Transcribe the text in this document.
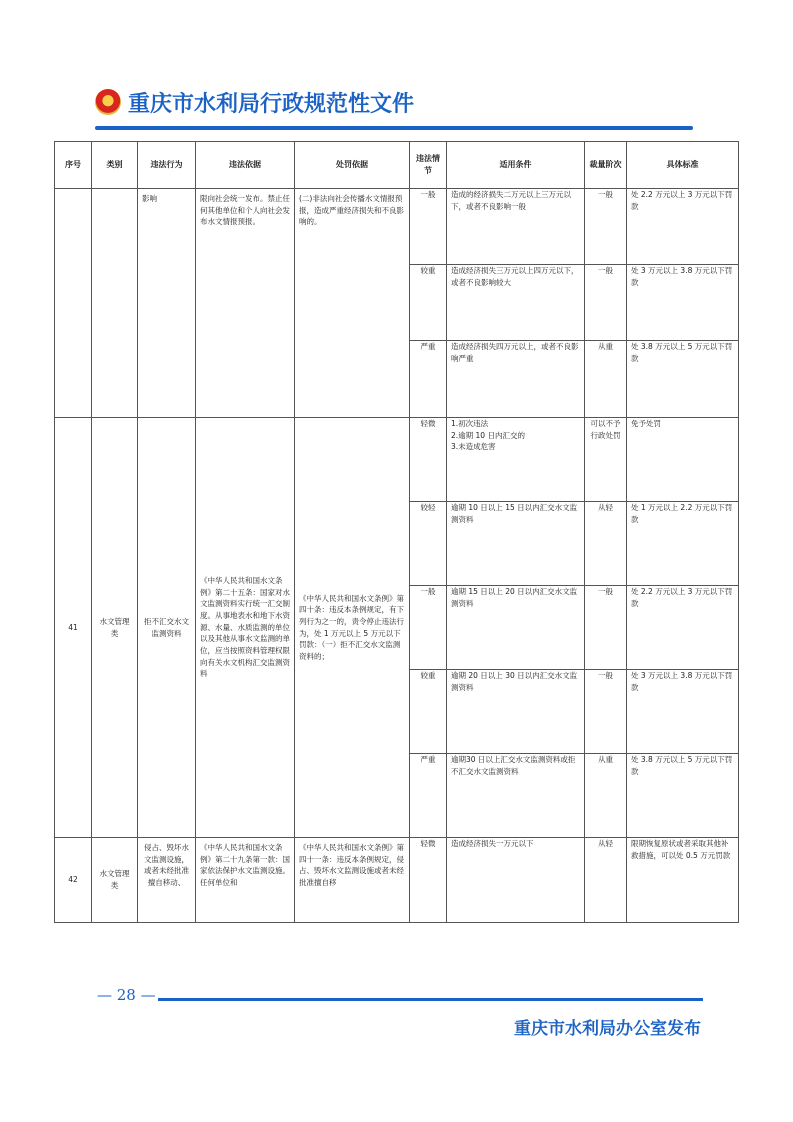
重庆市水利局行政规范性文件
序号	类别	违法行为	违法依据	处罚依据	违法情节	适用条件	裁量阶次	具体标准
		影响	限向社会统一发布。禁止任何其他单位和个人向社会发布水文情报预报。	(二)非法向社会传播水文情报预报，造成严重经济损失和不良影响的。	一般	造成的经济损失二万元以上三万元以下，或者不良影响一般	一般	处 2.2 万元以上 3 万元以下罚款
					较重	造成经济损失三万元以上四万元以下，或者不良影响较大	一般	处 3 万元以上 3.8 万元以下罚款
					严重	造成经济损失四万元以上，或者不良影响严重	从重	处 3.8 万元以上 5 万元以下罚款
41	水文管理类	拒不汇交水文监测资料	《中华人民共和国水文条例》第二十五条：国家对水文监测资料实行统一汇交制度。从事地表水和地下水资源、水量、水质监测的单位以及其他从事水文监测的单位，应当按照资料管理权限向有关水文机构汇交监测资料	《中华人民共和国水文条例》第四十条：违反本条例规定，有下列行为之一的，责令停止违法行为，处 1 万元以上 5 万元以下罚款：（一）拒不汇交水文监测资料的；	轻微	1.初次违法
2.逾期 10 日内汇交的
3.未造成危害	可以不予行政处罚	免予处罚
					较轻	逾期 10 日以上 15 日以内汇交水文监测资料	从轻	处 1 万元以上 2.2 万元以下罚款
					一般	逾期 15 日以上 20 日以内汇交水文监测资料	一般	处 2.2 万元以上 3 万元以下罚款
					较重	逾期 20 日以上 30 日以内汇交水文监测资料	一般	处 3 万元以上 3.8 万元以下罚款
					严重	逾期30 日以上汇交水文监测资料或拒不汇交水文监测资料	从重	处 3.8 万元以上 5 万元以下罚款
42	水文管理类	侵占、毁坏水文监测设施，或者未经批准擅自移动、	《中华人民共和国水文条例》第二十九条第一款：国家依法保护水文监测设施。任何单位和	《中华人民共和国水文条例》第四十一条：违反本条例规定，侵占、毁坏水文监测设施或者未经批准擅自移	轻微	造成经济损失一万元以下	从轻	限期恢复原状或者采取其他补救措施，可以处 0.5 万元罚款
— 28 —
重庆市水利局办公室发布
